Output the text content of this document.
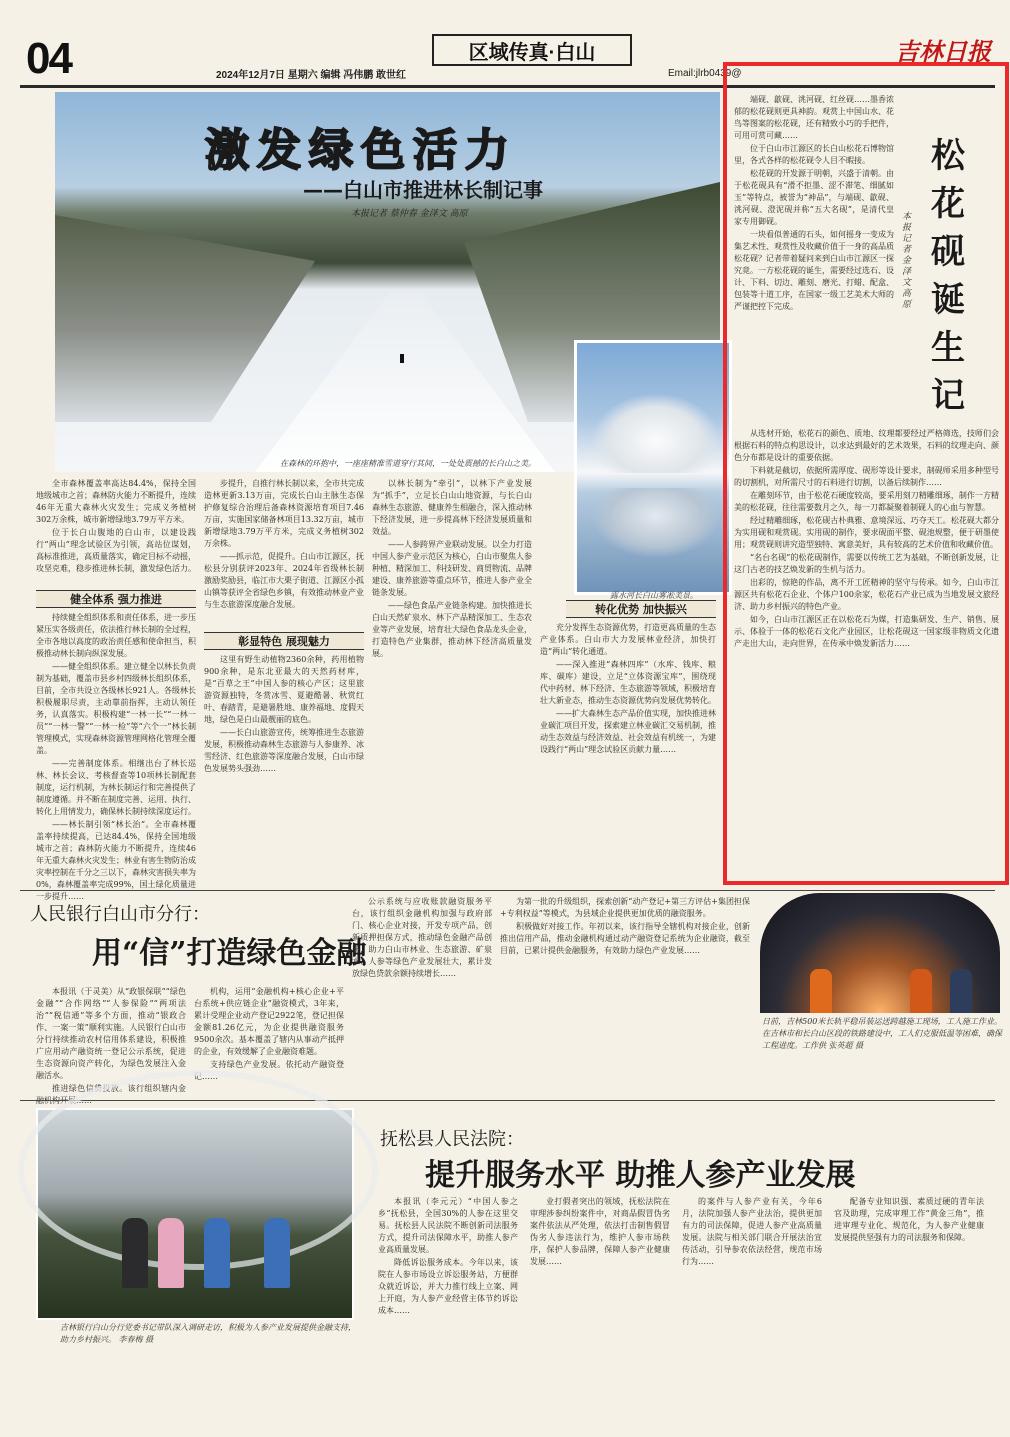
04	2024年12月7日 星期六 编辑 冯伟鹏 敢世红
区域传真·白山
Email:jlrb0439@
吉林日报
激发绿色活力
——白山市推进林长制记事
本报记者 蔡仲春 金泽文 高原
在森林的环抱中，一座座精准雪道穿行其间，一处处震撼的长白山之美。

全市森林覆盖率高达84.4%，保持全国地级城市之首；森林防火能力不断提升，连续46年无重大森林火灾发生；完成义务植树302万余株，城市新增绿地3.79万平方米。

位于长白山腹地的白山市，以建设践行“两山”理念试验区为引领，高站位谋划，高标准推进，高质量落实，确定目标不动摇，攻坚克难，稳步推进林长制，激发绿色活力。

健全体系 强力推进

持续健全组织体系和责任体系，进一步压紧压实各级责任，依法推行林长制的全过程，全市各地以高度的政治责任感和使命担当，积极推动林长制向纵深发展。

——健全组织体系。建立健全以林长负责制为基础，覆盖市县乡村四级林长组织体系，目前，全市共设立各级林长921人。各级林长积极履职尽责，主动靠前指挥，主动认领任务，认真落实。积极构建“一林一长”“一林一员”“一林一警”“一林一检”等“六个一”林长制管理模式，实现森林资源管理网格化管理全覆盖。

——完善制度体系。相继出台了林长巡林、林长会议、考核督查等10项林长制配套制度，运行机制，为林长制运行和完善提供了制度遵循。并不断在制度完善、运用、执行、转化上用情发力，确保林长制持续深度运行。

——林长制引领“林长治”。全市森林覆盖率持续提高，已达84.4%，保持全国地级城市之首；森林防火能力不断提升，连续46年无重大森林火灾发生；林业有害生物防治成灾率控制在千分之三以下，森林灾害损失率为0%，森林覆盖率完成99%，国土绿化质量进一步提升……

步提升，自推行林长制以来，全市共完成造林更新3.13万亩，完成长白山主脉生态保护修复综合治理后备森林资源培育项目7.46万亩，实施国家储备林项目13.32万亩，城市新增绿地3.79万平方米，完成义务植树302万余株。

——抓示范，促提升。白山市江源区，抚松县分别获评2023年、2024年省级林长制激励奖励县，临江市大栗子街道、江源区小孤山镇等获评全省绿色乡镇，有效推动林业产业与生态旅游深度融合发展。

彰显特色 展现魅力

这里有野生动植物2360余种，药用植物900余种，是东北亚最大的天然药材库，是“百草之王”中国人参的核心产区；这里旅游资源独特，冬赏冰雪、夏避酷暑、秋赏红叶、春踏青，是避暑胜地、康养福地、度假天地，绿色是白山最靓丽的底色。

——长白山旅游宣传，统筹推进生态旅游发展，积极推动森林生态旅游与人参康养、冰雪经济、红色旅游等深度融合发展，白山市绿色发展势头强劲……

以林长制为“牵引”，以林下产业发展为“抓手”，立足长白山山地资源，与长白山森林生态旅游、健康养生相融合，深入推动林下经济发展，进一步提高林下经济发展质量和效益。

——人参跨界产业联动发展。以全力打造中国人参产业示范区为核心，白山市聚焦人参种植、精深加工、科技研发、商贸物流、品牌建设、康养旅游等重点环节，推进人参产业全链条发展。

——绿色食品产业链条构建。加快推进长白山天然矿泉水、林下产品精深加工、生态农业等产业发展，培育壮大绿色食品龙头企业，打造特色产业集群，推动林下经济高质量发展。

露水河长白山雾凇美景。
转化优势 加快振兴

充分发挥生态资源优势，打造更高质量的生态产业体系。白山市大力发展林业经济，加快打造“两山”转化通道。

——深入推进“森林四库”（水库、钱库、粮库、碳库）建设，立足“立体资源宝库”，围绕现代中药材、林下经济、生态旅游等领域，积极培育壮大新业态，推动生态资源优势向发展优势转化。

——扩大森林生态产品价值实现，加快推进林业碳汇项目开发，探索建立林业碳汇交易机制，推动生态效益与经济效益、社会效益有机统一，为建设践行“两山”理念试验区贡献力量……

松花砚诞生记
本报记者 金泽文 高原

端砚、歙砚、洮河砚、红丝砚……墨香浓郁的松花砚则更具神韵。观赏上中国山水、花鸟等图案的松花砚，还有精致小巧的手把件，可用可赏可藏……

位于白山市江源区的长白山松花石博物馆里，各式各样的松花砚令人目不暇接。

松花砚的开发源于明朝，兴盛于清朝。由于松花砚具有“滑不拒墨、涩不滞笔、细腻如玉”等特点，被誉为“神品”，与端砚、歙砚、洮河砚、澄泥砚并称“五大名砚”，是清代皇家专用御砚。

一块看似普通的石头，如何摇身一变成为集艺术性、观赏性及收藏价值于一身的高品质松花砚？记者带着疑问来到白山市江源区一探究竟。一方松花砚的诞生，需要经过选石、设计、下料、切边、雕刻、磨光、打蜡、配盒、包装等十道工序，在国家一级工艺美术大师的严谨把控下完成。

从选材开始，松花石的颜色、质地、纹理都要经过严格筛选，技师们会根据石料的特点构思设计，以求达到最好的艺术效果，石料的纹理走向、颜色分布都是设计的重要依据。

下料就是截切，依据所需厚度、砚形等设计要求，制砚师采用多种型号的切割机，对所需尺寸的石料进行切割，以备后续制作……

在雕刻环节，由于松花石硬度较高，要采用刻刀精雕细琢，制作一方精美的松花砚，往往需要数月之久，每一刀都凝聚着制砚人的心血与智慧。

经过精雕细琢，松花砚古朴典雅、意境深远、巧夺天工。松花砚大都分为实用砚和观赏砚。实用砚的制作，要求砚面平整、砚池规整，便于研墨使用；观赏砚则讲究造型独特、寓意美好，具有较高的艺术价值和收藏价值。

“名台名砚”的松花砚制作，需要以传统工艺为基础，不断创新发展，让这门古老的技艺焕发新的生机与活力。

出彩的，惊艳的作品，离不开工匠精神的坚守与传承。如今，白山市江源区共有松花石企业、个体户100余家，松花石产业已成为当地发展文旅经济、助力乡村振兴的特色产业。

如今，白山市江源区正在以松花石为媒，打造集研发、生产、销售、展示、体验于一体的松花石文化产业园区，让松花砚这一国家级非物质文化遗产走出大山，走向世界，在传承中焕发新活力……

人民银行白山市分行：
用“信”打造绿色金融

本报讯（于灵美）从“政银保联”“绿色金融”“合作网络”“人参保险”“两项法治”“税信通”等多个方面，推动“银政合作、一案一策”顺利实施。人民银行白山市分行持续推动农村信用体系建设，积极推广应用动产融资统一登记公示系统，促进生态资源向资产转化，为绿色发展注入金融活水。

推进绿色信贷投放。该行组织辖内金

机构，运用“金融机构+核心企业+平台系统+供应链企业”融资模式，3年来，累计受理企业动产登记2922笔，登记担保金额81.26亿元，为企业提供融资服务9500余次。基本覆盖了辖内从事动产抵押的企业，有效缓解了企业融资难题。

支持绿色产业发展。依托动产融资登记……

公示系统与应收账款融资服务平台，该行组织金融机构加强与政府部门、核心企业对接，开发专项产品，创新质押担保方式，推动绿色金融产品创新，助力白山市林业、生态旅游、矿泉水、人参等绿色产业发展壮大，累计发放绿色贷款余额持续增长……

为第一批的升级组织，探索创新“动产登记+第三方评估+集团担保+专利权益”等模式，为县域企业提供更加优质的融资服务。

积极做好对接工作。年初以来，该行指导全辖机构对接企业，创新推出信用产品，推动金融机构通过动产融资登记系统为企业融资，截至目前，已累计提供金融服务，有效助力绿色产业发展……

日前，吉林500米长轨平稳吊装运送跨越施工现场，工人施工作业。在吉林市和长白山区段的铁路建设中，工人们克服低温等困难，确保工程进度。工作供 张英超 摄
吉林银行白山分行党委书记带队深入调研走访，积极为人参产业发展提供金融支持，助力乡村振兴。 李春梅 摄
抚松县人民法院：
提升服务水平 助推人参产业发展

本报讯（李元元）“中国人参之乡”抚松县，全国30%的人参在这里交易。抚松县人民法院不断创新司法服务方式，提升司法保障水平，助推人参产业高质量发展。

降低诉讼服务成本。今年以来，该院在人参市场设立诉讼服务站，方便群众就近诉讼，并大力推行线上立案、网上开庭，为人参产业经营主体节约诉讼成本……

业打假者突出的领域，抚松法院在审理涉参纠纷案件中，对商品假冒伪劣案件依法从严处理，依法打击制售假冒伪劣人参违法行为，维护人参市场秩序，保护人参品牌，保障人参产业健康发展……

的案件与人参产业有关，今年6月，法院加强人参产业法治，提供更加有力的司法保障，促进人参产业高质量发展。法院与相关部门联合开展法治宣传活动，引导参农依法经营，规范市场行为……

配备专业知识强、素质过硬的青年法官及助理，完成审理工作“黄金三角”，推进审理专业化、规范化，为人参产业健康发展提供坚强有力的司法服务和保障。
